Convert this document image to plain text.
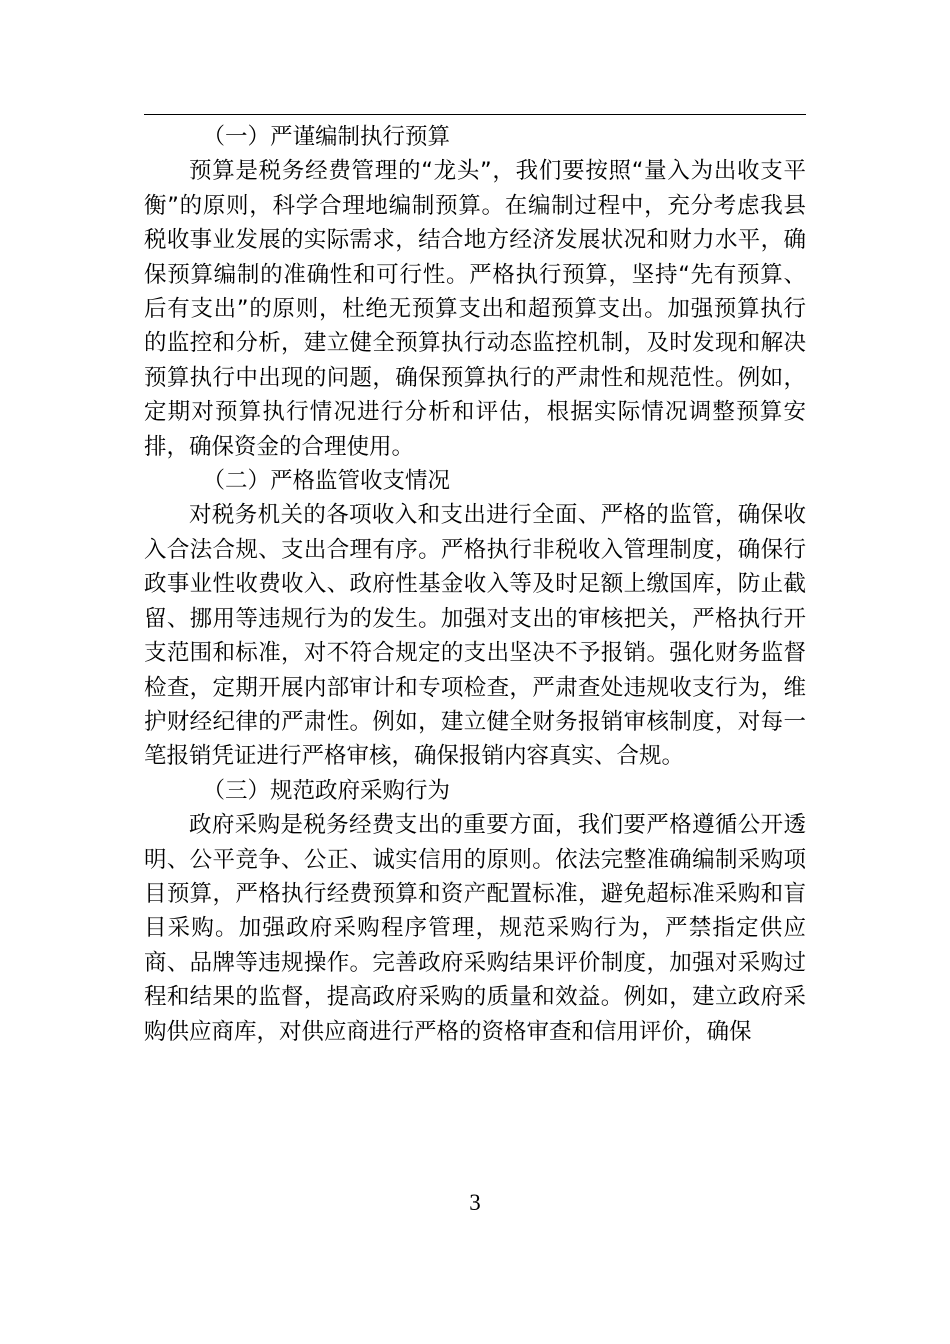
（一）严谨编制执行预算

预算是税务经费管理的“龙头”，我们要按照“量入为出收支平衡”的原则，科学合理地编制预算。在编制过程中，充分考虑我县税收事业发展的实际需求，结合地方经济发展状况和财力水平，确保预算编制的准确性和可行性。严格执行预算，坚持“先有预算、后有支出”的原则，杜绝无预算支出和超预算支出。加强预算执行的监控和分析，建立健全预算执行动态监控机制，及时发现和解决预算执行中出现的问题，确保预算执行的严肃性和规范性。例如，定期对预算执行情况进行分析和评估，根据实际情况调整预算安排，确保资金的合理使用。

（二）严格监管收支情况

对税务机关的各项收入和支出进行全面、严格的监管，确保收入合法合规、支出合理有序。严格执行非税收入管理制度，确保行政事业性收费收入、政府性基金收入等及时足额上缴国库，防止截留、挪用等违规行为的发生。加强对支出的审核把关，严格执行开支范围和标准，对不符合规定的支出坚决不予报销。强化财务监督检查，定期开展内部审计和专项检查，严肃查处违规收支行为，维护财经纪律的严肃性。例如，建立健全财务报销审核制度，对每一笔报销凭证进行严格审核，确保报销内容真实、合规。

（三）规范政府采购行为

政府采购是税务经费支出的重要方面，我们要严格遵循公开透明、公平竞争、公正、诚实信用的原则。依法完整准确编制采购项目预算，严格执行经费预算和资产配置标准，避免超标准采购和盲目采购。加强政府采购程序管理，规范采购行为，严禁指定供应商、品牌等违规操作。完善政府采购结果评价制度，加强对采购过程和结果的监督，提高政府采购的质量和效益。例如，建立政府采购供应商库，对供应商进行严格的资格审查和信用评价，确保

3
